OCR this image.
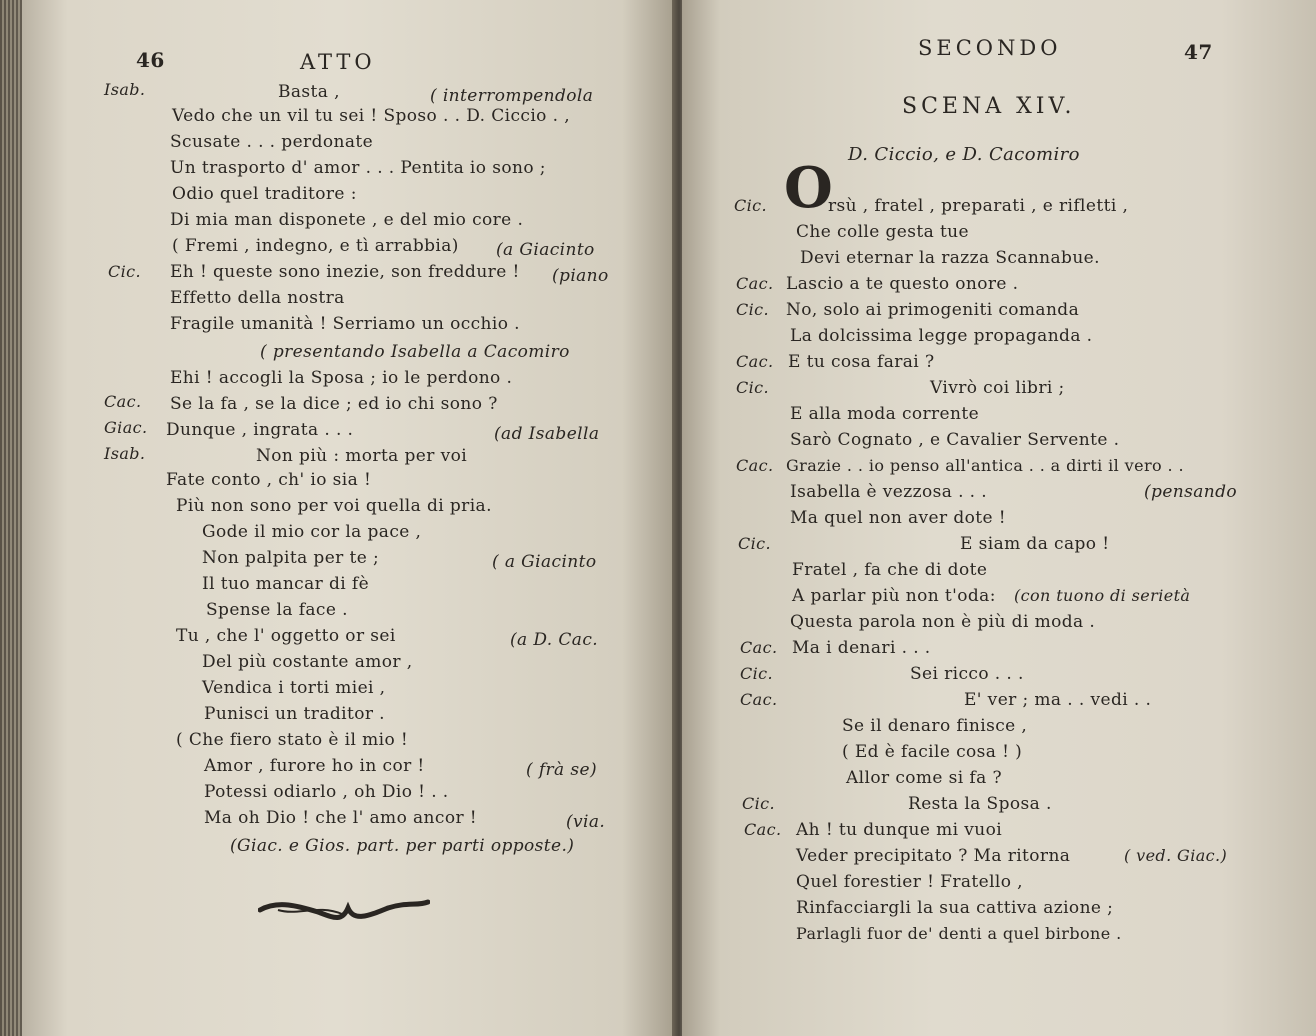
46	ATTO
Isab.	Basta ,	( interrompendola
Vedo che un vil tu sei ! Sposo . . D. Ciccio . ,
Scusate . . . perdonate
Un trasporto d' amor . . . Pentita io sono ;
Odio quel traditore :
Di mia man disponete , e del mio core .
( Fremi , indegno, e tì arrabbia) (a Giacinto
Cic. Eh ! queste sono inezie, son freddure ! (piano
Effetto della nostra
Fragile umanità ! Serriamo un occhio .
( presentando Isabella a Cacomiro
Ehi ! accogli la Sposa ; io le perdono .
Cac. Se la fa , se la dice ; ed io chi sono ?
Giac. Dunque , ingrata . . .	(ad Isabella
Isab.	Non più : morta per voi
Fate conto , ch' io sia !
Più non sono per voi quella di pria.
Gode il mio cor la pace ,
Non palpita per te ;	( a Giacinto
Il tuo mancar di fè
Spense la face .
Tu , che l' oggetto or sei	(a D. Cac.
Del più costante amor ,
Vendica i torti miei ,
Punisci un traditor .
( Che fiero stato è il mio !
Amor , furore ho in cor !	( frà se)
Potessi odiarlo , oh Dio ! . .
Ma oh Dio ! che l' amo ancor !	(via.
(Giac. e Gios. part. per parti opposte.)
SECONDO	47
SCENA XIV.
D. Ciccio, e D. Cacomiro
Cic. O
rsù , fratel , preparati , e rifletti ,
Che colle gesta tue
Devi eternar la razza Scannabue.
Cac. Lascio a te questo onore .
Cic. No, solo ai primogeniti comanda
La dolcissima legge propaganda .
Cac. E tu cosa farai ?
Cic.	Vivrò coi libri ;
E alla moda corrente
Sarò Cognato , e Cavalier Servente .
Cac. Grazie . . io penso all'antica . . a dirti il vero . .
Isabella è vezzosa . . .	(pensando
Ma quel non aver dote !
Cic.	E siam da capo !
Fratel , fa che di dote
A parlar più non t'oda: (con tuono di serietà
Questa parola non è più di moda .
Cac. Ma i denari . . .
Cic.	Sei ricco . . .
Cac.	E' ver ; ma . . vedi . .
Se il denaro finisce ,
( Ed è facile cosa ! )
Allor come si fa ?
Cic.	Resta la Sposa .
Cac. Ah ! tu dunque mi vuoi
Veder precipitato ? Ma ritorna	( ved. Giac.)
Quel forestier ! Fratello ,
Rinfacciargli la sua cattiva azione ;
Parlagli fuor de' denti a quel birbone .
